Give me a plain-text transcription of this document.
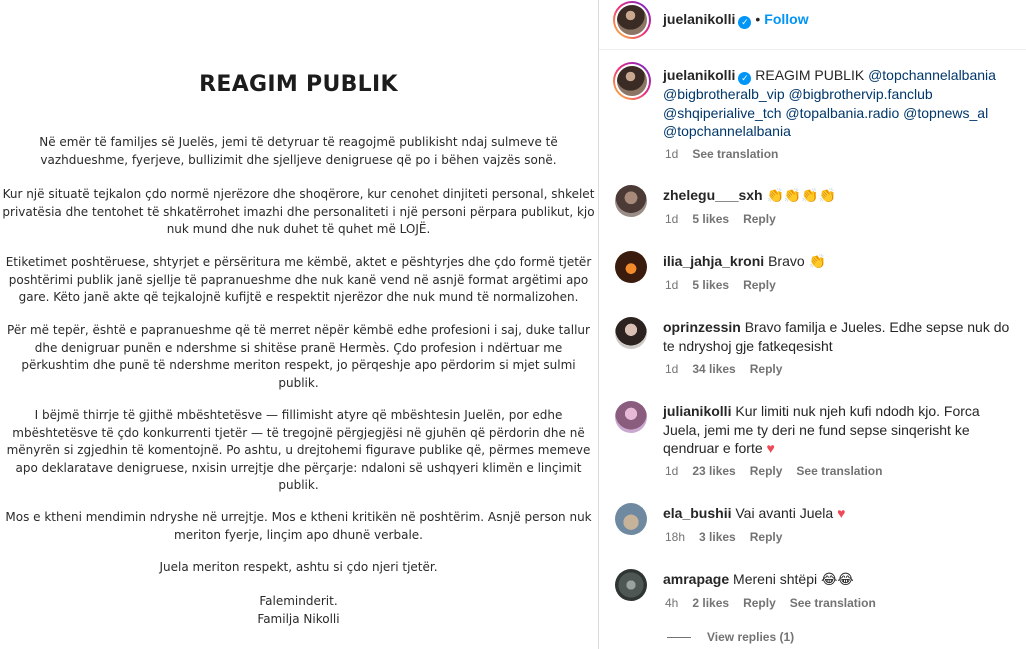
REAGIM PUBLIK
Në emër të familjes së Juelës, jemi të detyruar të reagojmë publikisht ndaj sulmeve të
vazhdueshme, fyerjeve, bullizimit dhe sjelljeve denigruese që po i bëhen vajzës sonë.
Kur një situatë tejkalon çdo normë njerëzore dhe shoqërore, kur cenohet dinjiteti personal, shkelet
privatësia dhe tentohet të shkatërrohet imazhi dhe personaliteti i një personi përpara publikut, kjo
nuk mund dhe nuk duhet të quhet më LOJË.
Etiketimet poshtëruese, shtyrjet e përsëritura me këmbë, aktet e pështyrjes dhe çdo formë tjetër
poshtërimi publik janë sjellje të papranueshme dhe nuk kanë vend në asnjë format argëtimi apo
gare. Këto janë akte që tejkalojnë kufijtë e respektit njerëzor dhe nuk mund të normalizohen.
Për më tepër, është e papranueshme që të merret nëpër këmbë edhe profesioni i saj, duke tallur
dhe denigruar punën e ndershme si shitëse pranë Hermès. Çdo profesion i ndërtuar me
përkushtim dhe punë të ndershme meriton respekt, jo përqeshje apo përdorim si mjet sulmi
publik.
I bëjmë thirrje të gjithë mbështetësve — fillimisht atyre që mbështesin Juelën, por edhe
mbështetësve të çdo konkurrenti tjetër — të tregojnë përgjegjësi në gjuhën që përdorin dhe në
mënyrën si zgjedhin të komentojnë. Po ashtu, u drejtohemi figurave publike që, përmes memeve
apo deklaratave denigruese, nxisin urrejtje dhe përçarje: ndaloni së ushqyeri klimën e linçimit
publik.
Mos e ktheni mendimin ndryshe në urrejtje. Mos e ktheni kritikën në poshtërim. Asnjë person nuk
meriton fyerje, linçim apo dhunë verbale.
Juela meriton respekt, ashtu si çdo njeri tjetër.
Faleminderit.
Familja Nikolli
juelanikolli ✓ • Follow
juelanikolli ✓ REAGIM PUBLIK @topchannelalbania @bigbrotheralb_vip @bigbrothervip.fanclub @shqiperialive_tch @topalbania.radio @topnews_al @topchannelalbania
1d See translation
zhelegu___sxh 👏👏👏👏
1d 5 likes Reply
ilia_jahja_kroni Bravo 👏
1d 5 likes Reply
oprinzessin Bravo familja e Jueles. Edhe sepse nuk do te ndryshoj gje fatkeqesisht
1d 34 likes Reply
julianikolli Kur limiti nuk njeh kufi ndodh kjo. Forca Juela, jemi me ty deri ne fund sepse sinqerisht ke qendruar e forte ♥
1d 23 likes Reply See translation
ela_bushii Vai avanti Juela ♥
18h 3 likes Reply
amrapage Mereni shtëpi 😂😂
4h 2 likes Reply See translation
View replies (1)
